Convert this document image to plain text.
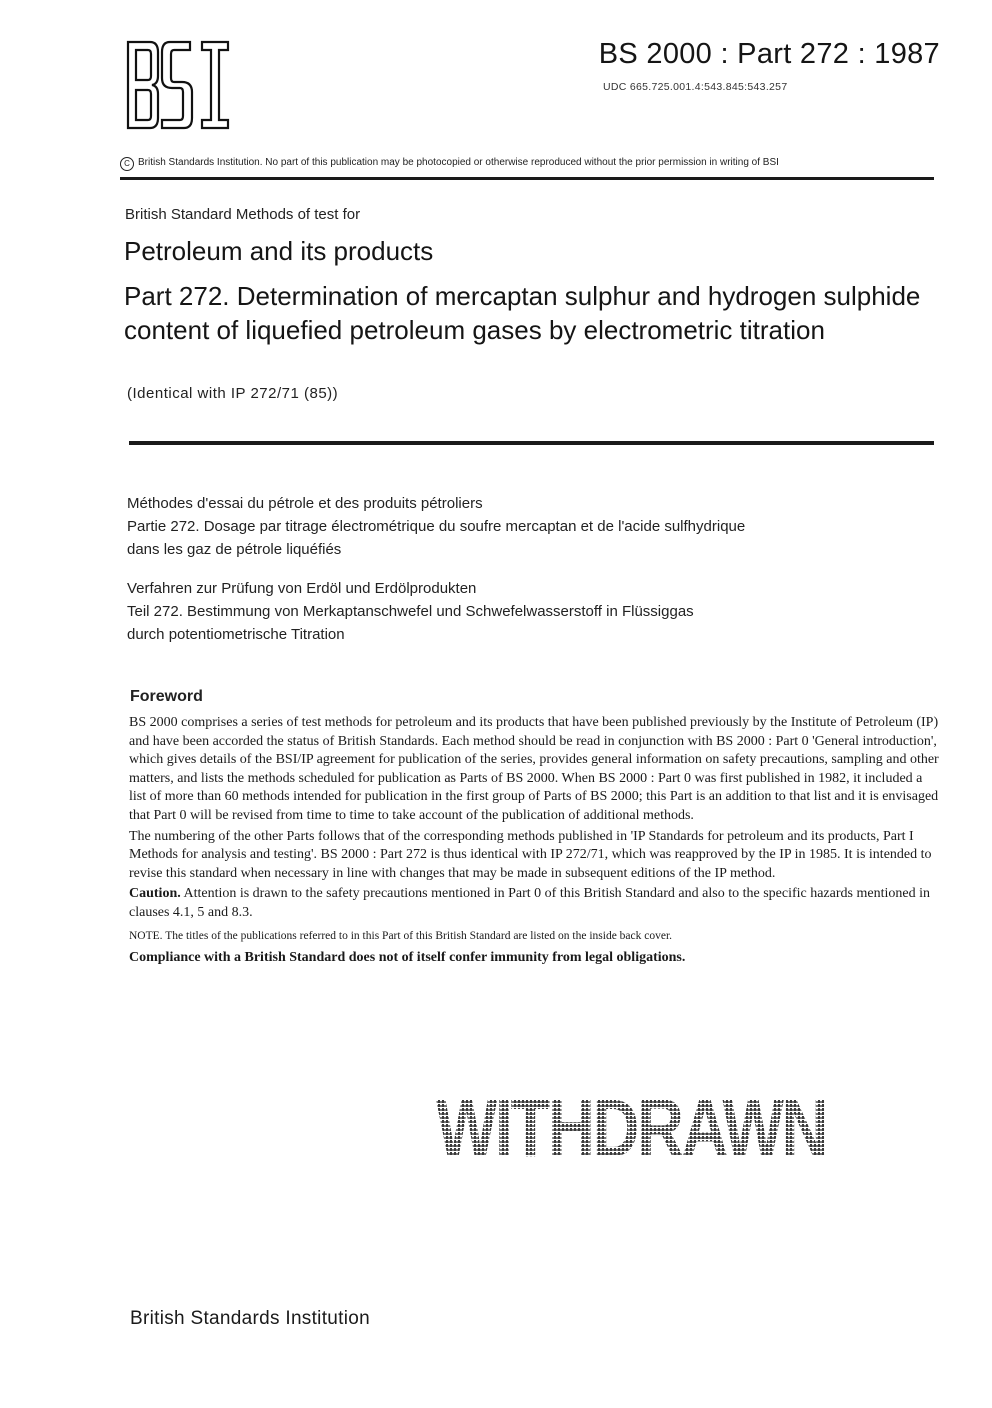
BS 2000 : Part 272 : 1987
UDC 665.725.001.4:543.845:543.257
C British Standards Institution. No part of this publication may be photocopied or otherwise reproduced without the prior permission in writing of BSI
British Standard Methods of test for
Petroleum and its products
Part 272. Determination of mercaptan sulphur and hydrogen sulphide content of liquefied petroleum gases by electrometric titration
(Identical with IP 272/71 (85))
Méthodes d'essai du pétrole et des produits pétroliers
Partie 272. Dosage par titrage électrométrique du soufre mercaptan et de l'acide sulfhydrique
dans les gaz de pétrole liquéfiés
Verfahren zur Prüfung von Erdöl und Erdölprodukten
Teil 272. Bestimmung von Merkaptanschwefel und Schwefelwasserstoff in Flüssiggas
durch potentiometrische Titration
Foreword

BS 2000 comprises a series of test methods for petroleum and its products that have been published previously by the Institute of Petroleum (IP) and have been accorded the status of British Standards. Each method should be read in conjunction with BS 2000 : Part 0 'General introduction', which gives details of the BSI/IP agreement for publication of the series, provides general information on safety precautions, sampling and other matters, and lists the methods scheduled for publication as Parts of BS 2000. When BS 2000 : Part 0 was first published in 1982, it included a list of more than 60 methods intended for publication in the first group of Parts of BS 2000; this Part is an addition to that list and it is envisaged that Part 0 will be revised from time to time to take account of the publication of additional methods.

The numbering of the other Parts follows that of the corresponding methods published in 'IP Standards for petroleum and its products, Part I Methods for analysis and testing'. BS 2000 : Part 272 is thus identical with IP 272/71, which was reapproved by the IP in 1985. It is intended to revise this standard when necessary in line with changes that may be made in subsequent editions of the IP method.

Caution. Attention is drawn to the safety precautions mentioned in Part 0 of this British Standard and also to the specific hazards mentioned in clauses 4.1, 5 and 8.3.

NOTE. The titles of the publications referred to in this Part of this British Standard are listed on the inside back cover.

Compliance with a British Standard does not of itself confer immunity from legal obligations.

WITHDRAWN
British Standards Institution
